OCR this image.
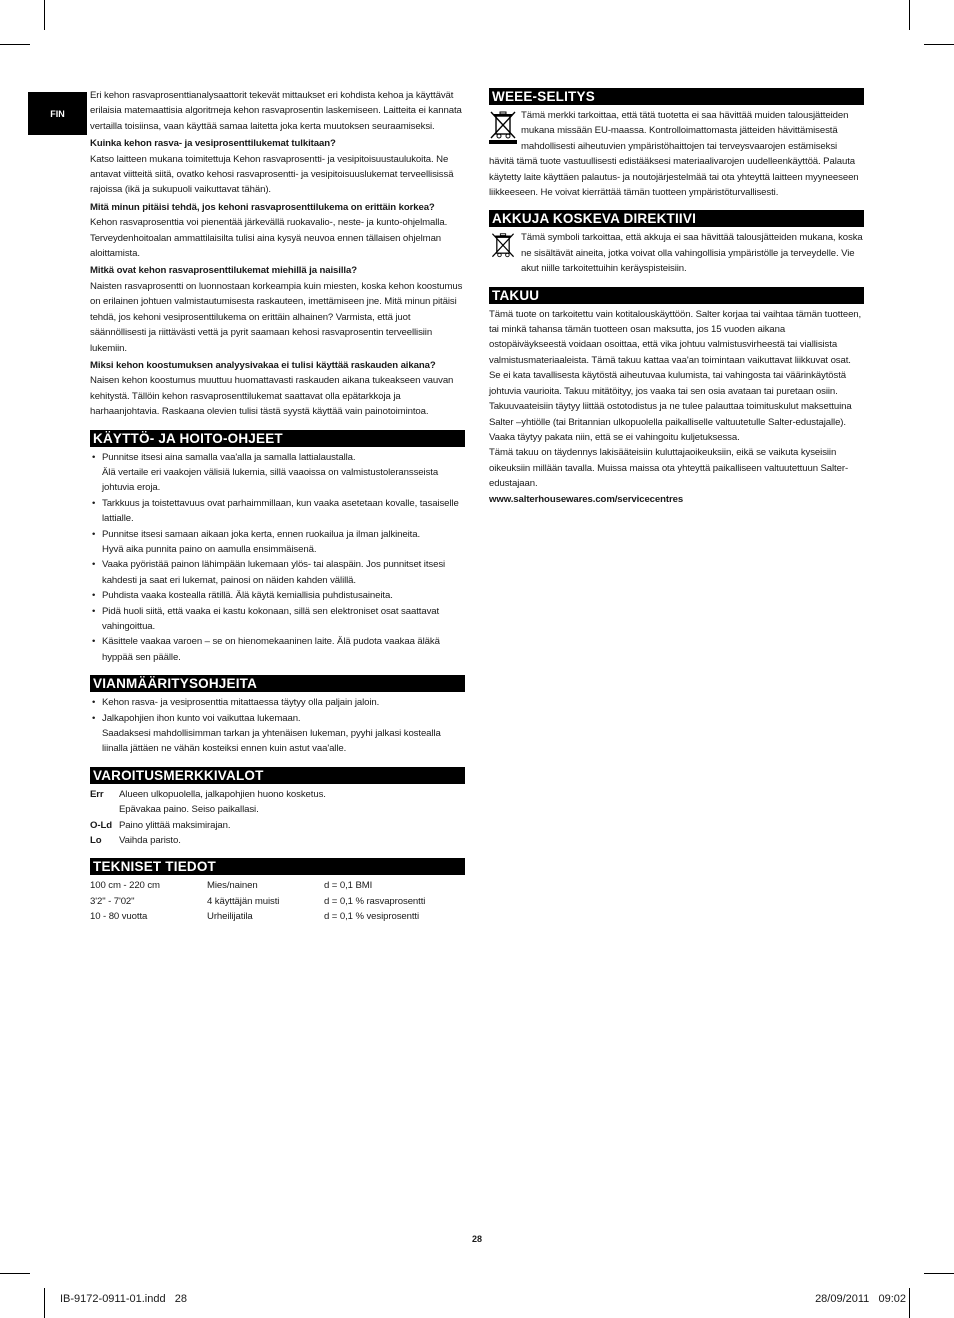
FIN

Eri kehon rasvaprosenttianalysaattorit tekevät mittaukset eri kohdista kehoa ja käyttävät erilaisia matemaattisia algoritmeja kehon rasvaprosentin laskemiseen. Laitteita ei kannata vertailla toisiinsa, vaan käyttää samaa laitetta joka kerta muutoksen seuraamiseksi.

Kuinka kehon rasva- ja vesiprosenttilukemat tulkitaan?

Katso laitteen mukana toimitettuja Kehon rasvaprosentti- ja vesipitoisuustaulukoita. Ne antavat viitteitä siitä, ovatko kehosi rasvaprosentti- ja vesipitoisuuslukemat terveellisissä rajoissa (ikä ja sukupuoli vaikuttavat tähän).

Mitä minun pitäisi tehdä, jos kehoni rasvaprosenttilukema on erittäin korkea?

Kehon rasvaprosenttia voi pienentää järkevällä ruokavalio-, neste- ja kunto-ohjelmalla. Terveydenhoitoalan ammattilaisilta tulisi aina kysyä neuvoa ennen tällaisen ohjelman aloittamista.

Mitkä ovat kehon rasvaprosenttilukemat miehillä ja naisilla?

Naisten rasvaprosentti on luonnostaan korkeampia kuin miesten, koska kehon koostumus on erilainen johtuen valmistautumisesta raskauteen, imettämiseen jne. Mitä minun pitäisi tehdä, jos kehoni vesiprosenttilukema on erittäin alhainen? Varmista, että juot säännöllisesti ja riittävästi vettä ja pyrit saamaan kehosi rasvaprosentin terveellisiin lukemiin.

Miksi kehon koostumuksen analyysivakaa ei tulisi käyttää raskauden aikana?

Naisen kehon koostumus muuttuu huomattavasti raskauden aikana tukeakseen vauvan kehitystä. Tällöin kehon rasvaprosenttilukemat saattavat olla epätarkkoja ja harhaanjohtavia. Raskaana olevien tulisi tästä syystä käyttää vain painotoimintoa.

KÄYTTÖ- JA HOITO-OHJEET
• Punnitse itsesi aina samalla vaa'alla ja samalla lattialaustalla.
Älä vertaile eri vaakojen välisiä lukemia, sillä vaaoissa on valmistustoleransseista johtuvia eroja.
• Tarkkuus ja toistettavuus ovat parhaimmillaan, kun vaaka asetetaan kovalle, tasaiselle lattialle.
• Punnitse itsesi samaan aikaan joka kerta, ennen ruokailua ja ilman jalkineita.
Hyvä aika punnita paino on aamulla ensimmäisenä.
• Vaaka pyöristää painon lähimpään lukemaan ylös- tai alaspäin. Jos punnitset itsesi kahdesti ja saat eri lukemat, painosi on näiden kahden välillä.
• Puhdista vaaka kostealla rätillä. Älä käytä kemiallisia puhdistusaineita.
• Pidä huoli siitä, että vaaka ei kastu kokonaan, sillä sen elektroniset osat saattavat vahingoittua.
• Käsittele vaakaa varoen – se on hienomekaaninen laite. Älä pudota vaakaa äläkä hyppää sen päälle.
VIANMÄÄRITYSOHJEITA
• Kehon rasva- ja vesiprosenttia mitattaessa täytyy olla paljain jaloin.
• Jalkapohjien ihon kunto voi vaikuttaa lukemaan.
Saadaksesi mahdollisimman tarkan ja yhtenäisen lukeman, pyyhi jalkasi kostealla liinalla jättäen ne vähän kosteiksi ennen kuin astut vaa'alle.
VAROITUSMERKKIVALOT
Err	Alueen ulkopuolella, jalkapohjien huono kosketus.
Epävakaa paino. Seiso paikallasi.
O-Ld Paino ylittää maksimirajan.
Lo	Vaihda paristo.
TEKNISET TIEDOT
100 cm - 220 cm	Mies/nainen	d = 0,1 BMI
3'2" - 7'02"	4 käyttäjän muisti	d = 0,1 % rasvaprosentti
10 - 80 vuotta	Urheilijatila	d = 0,1 % vesiprosentti
WEEE-SELITYS

Tämä merkki tarkoittaa, että tätä tuotetta ei saa hävittää muiden talousjätteiden mukana missään EU-maassa. Kontrolloimattomasta jätteiden hävittämisestä mahdollisesti aiheutuvien ympäristöhaittojen tai terveysvaarojen estämiseksi hävitä tämä tuote vastuullisesti edistääksesi materiaalivarojen uudelleenkäyttöä. Palauta käytetty laite käyttäen palautus- ja noutojärjestelmää tai ota yhteyttä laitteen myyneeseen liikkeeseen. He voivat kierrättää tämän tuotteen ympäristöturvallisesti.

AKKUJA KOSKEVA DIREKTIIVI

Tämä symboli tarkoittaa, että akkuja ei saa hävittää talousjätteiden mukana, koska ne sisältävät aineita, jotka voivat olla vahingollisia ympäristölle ja terveydelle. Vie akut niille tarkoitettuihin keräyspisteisiin.

TAKUU

Tämä tuote on tarkoitettu vain kotitalouskäyttöön. Salter korjaa tai vaihtaa tämän tuotteen, tai minkä tahansa tämän tuotteen osan maksutta, jos 15 vuoden aikana ostopäiväykseestä voidaan osoittaa, että vika johtuu valmistusvirheestä tai viallisista valmistusmateriaaleista. Tämä takuu kattaa vaa'an toimintaan vaikuttavat liikkuvat osat. Se ei kata tavallisesta käytöstä aiheutuvaa kulumista, tai vahingosta tai väärinkäytöstä johtuvia vaurioita. Takuu mitätöityy, jos vaaka tai sen osia avataan tai puretaan osiin. Takuuvaateisiin täytyy liittää ostotodistus ja ne tulee palauttaa toimituskulut maksettuina Salter –yhtiölle (tai Britannian ulkopuolella paikalliselle valtuutetulle Salter-edustajalle). Vaaka täytyy pakata niin, että se ei vahingoitu kuljetuksessa.

Tämä takuu on täydennys lakisääteisiin kuluttajaoikeuksiin, eikä se vaikuta kyseisiin oikeuksiin millään tavalla. Muissa maissa ota yhteyttä paikalliseen valtuutettuun Salter-edustajaan.

www.salterhousewares.com/servicecentres

28
IB-9172-0911-01.indd   28	28/09/2011   09:02
